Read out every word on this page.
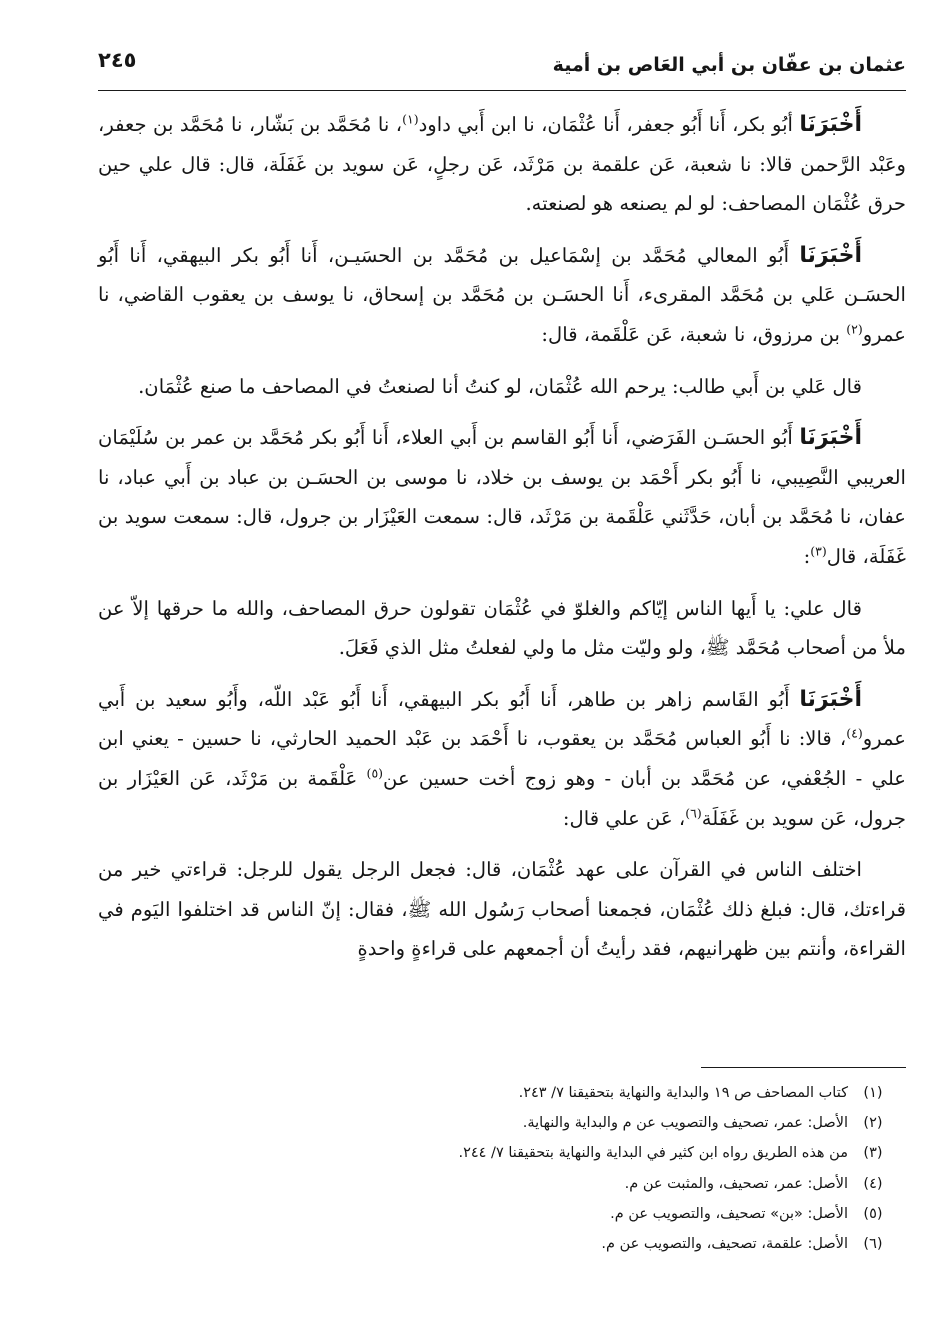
عثمان بن عفّان بن أبي العَاص بن أمية
٢٤٥

أَخْبَرَنَا أبُو بكر، أَنا أَبُو جعفر، أَنا عُثْمَان، نا ابن أَبي داود$^{(١)}$، نا مُحَمَّد بن بَشّار، نا مُحَمَّد بن جعفر، وعَبْد الرَّحمن قالا: نا شعبة، عَن علقمة بن مَرْثَد، عَن رجلٍ، عَن سويد بن غَفَلَة، قال: قال علي حين حرق عُثْمَان المصاحف: لو لم يصنعه هو لصنعته.

أَخْبَرَنَا أَبُو المعالي مُحَمَّد بن إسْمَاعيل بن مُحَمَّد بن الحسَيـن، أَنا أَبُو بكر البيهقي، أَنا أَبُو الحسَـن عَلي بن مُحَمَّد المقرىء، أَنا الحسَـن بن مُحَمَّد بن إسحاق، نا يوسف بن يعقوب القاضي، نا عمرو$^{(٢)}$ بن مرزوق، نا شعبة، عَن عَلْقَمة، قال:

قال عَلي بن أَبي طالب: يرحم الله عُثْمَان، لو كنتُ أنا لصنعتُ في المصاحف ما صنع عُثْمَان.

أَخْبَرَنَا أَبُو الحسَـن الفَرَضي، أَنا أَبُو القاسم بن أَبي العلاء، أَنا أَبُو بكر مُحَمَّد بن عمر بن سُلَيْمَان العريبي النَّصِيبي، نا أَبُو بكر أَحْمَد بن يوسف بن خلاد، نا موسى بن الحسَـن بن عباد بن أَبي عباد، نا عفان، نا مُحَمَّد بن أبان، حَدَّثَني عَلْقَمة بن مَرْثَد، قال: سمعت العَيْزَار بن جرول، قال: سمعت سويد بن غَفَلَة، قال$^{(٣)}$:

قال علي: يا أَيها الناس إيّاكم والغلوّ في عُثْمَان تقولون حرق المصاحف، والله ما حرقها إلاّ عن ملأ من أصحاب مُحَمَّد ﷺ، ولو وليّت مثل ما ولي لفعلتُ مثل الذي فَعَلَ.

أَخْبَرَنَا أَبُو القَاسم زاهر بن طاهر، أَنا أَبُو بكر البيهقي، أَنا أَبُو عَبْد اللّه، وأَبُو سعيد بن أَبي عمرو$^{(٤)}$، قالا: نا أَبُو العباس مُحَمَّد بن يعقوب، نا أَحْمَد بن عَبْد الحميد الحارثي، نا حسين - يعني ابن علي - الجُعْفي، عن مُحَمَّد بن أبان - وهو زوج أخت حسين عن$^{(٥)}$ عَلْقَمة بن مَرْثَد، عَن العَيْزَار بن جرول، عَن سويد بن غَفَلَة$^{(٦)}$، عَن علي قال:

اختلف الناس في القرآن على عهد عُثْمَان، قال: فجعل الرجل يقول للرجل: قراءتي خير من قراءتك، قال: فبلغ ذلك عُثْمَان، فجمعنا أصحاب رَسُول الله ﷺ، فقال: إنّ الناس قد اختلفوا اليَوم في القراءة، وأنتم بين ظهرانيهم، فقد رأيتُ أن أجمعهم على قراءةٍ واحدةٍ

(١)
كتاب المصاحف ص ١٩ والبداية والنهاية بتحقيقنا ٧/ ٢٤٣.
(٢)
الأصل: عمر، تصحيف والتصويب عن م والبداية والنهاية.
(٣)
من هذه الطريق رواه ابن كثير في البداية والنهاية بتحقيقنا ٧/ ٢٤٤.
(٤)
الأصل: عمر، تصحيف، والمثبت عن م.
(٥)
الأصل: «بن» تصحيف، والتصويب عن م.
(٦)
الأصل: علقمة، تصحيف، والتصويب عن م.
